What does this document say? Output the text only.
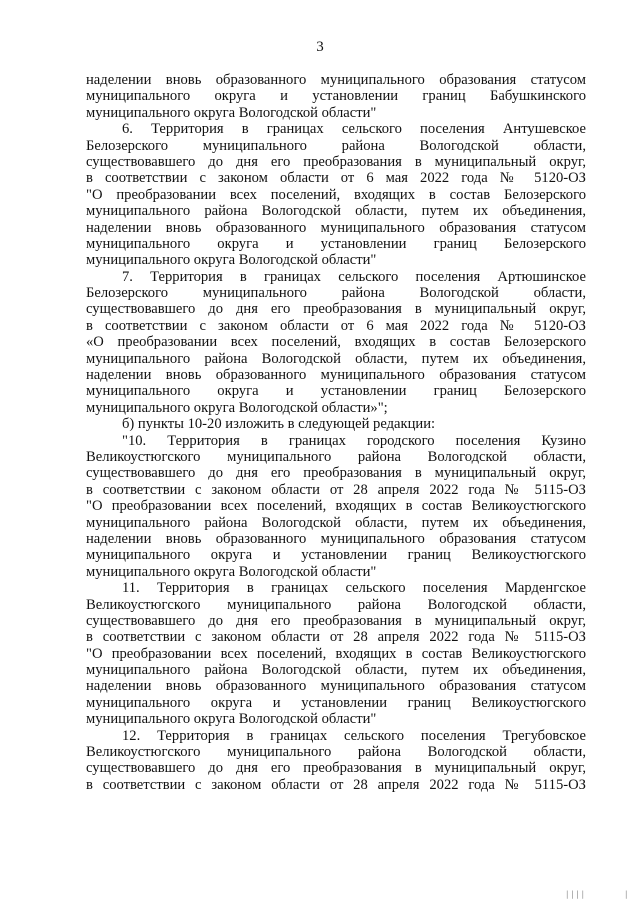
3
наделении вновь образованного муниципального образования статусом
муниципального округа и установлении границ Бабушкинского
муниципального округа Вологодской области"
6. Территория в границах сельского поселения Антушевское
Белозерского муниципального района Вологодской области,
существовавшего до дня его преобразования в муниципальный округ,
в соответствии с законом области от 6 мая 2022 года № 5120-ОЗ
"О преобразовании всех поселений, входящих в состав Белозерского
муниципального района Вологодской области, путем их объединения,
наделении вновь образованного муниципального образования статусом
муниципального округа и установлении границ Белозерского
муниципального округа Вологодской области"
7. Территория в границах сельского поселения Артюшинское
Белозерского муниципального района Вологодской области,
существовавшего до дня его преобразования в муниципальный округ,
в соответствии с законом области от 6 мая 2022 года № 5120-ОЗ
«О преобразовании всех поселений, входящих в состав Белозерского
муниципального района Вологодской области, путем их объединения,
наделении вновь образованного муниципального образования статусом
муниципального округа и установлении границ Белозерского
муниципального округа Вологодской области»";
б) пункты 10-20 изложить в следующей редакции:
"10. Территория в границах городского поселения Кузино
Великоустюгского муниципального района Вологодской области,
существовавшего до дня его преобразования в муниципальный округ,
в соответствии с законом области от 28 апреля 2022 года № 5115-ОЗ
"О преобразовании всех поселений, входящих в состав Великоустюгского
муниципального района Вологодской области, путем их объединения,
наделении вновь образованного муниципального образования статусом
муниципального округа и установлении границ Великоустюгского
муниципального округа Вологодской области"
11. Территория в границах сельского поселения Марденгское
Великоустюгского муниципального района Вологодской области,
существовавшего до дня его преобразования в муниципальный округ,
в соответствии с законом области от 28 апреля 2022 года № 5115-ОЗ
"О преобразовании всех поселений, входящих в состав Великоустюгского
муниципального района Вологодской области, путем их объединения,
наделении вновь образованного муниципального образования статусом
муниципального округа и установлении границ Великоустюгского
муниципального округа Вологодской области"
12. Территория в границах сельского поселения Трегубовское
Великоустюгского муниципального района Вологодской области,
существовавшего до дня его преобразования в муниципальный округ,
в соответствии с законом области от 28 апреля 2022 года № 5115-ОЗ
││││	│
